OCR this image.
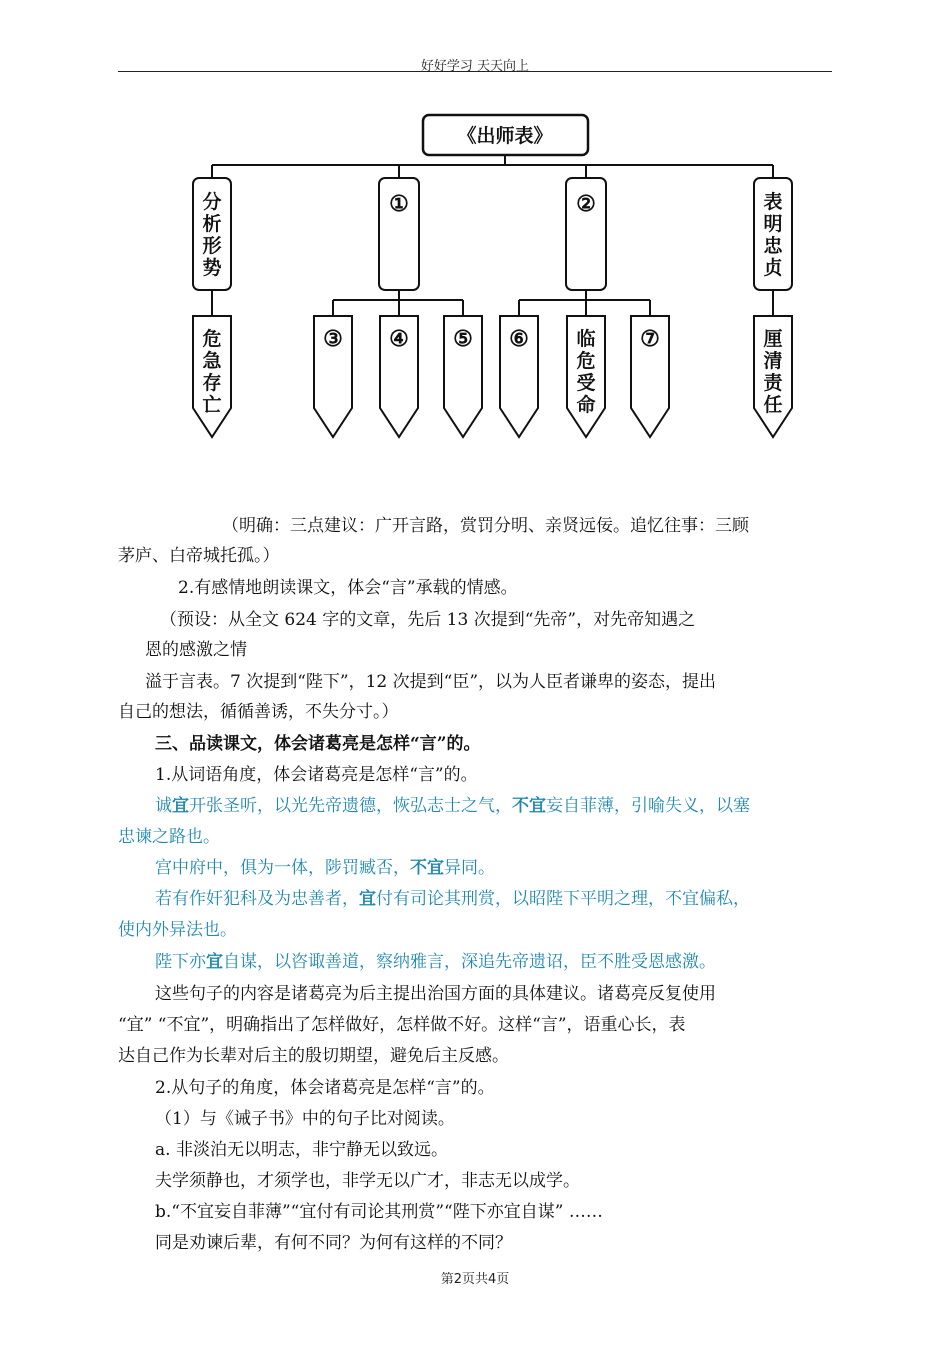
好好学习 天天向上
《出师表》
分
析
形
势
①	②	表
明
忠
贞
危
急
存
亡
③ ④ ⑤ ⑥	临
危
受
命
⑦	厘
清
责
任
（明确：三点建议：广开言路，赏罚分明、亲贤远佞。追忆往事：三顾
茅庐、白帝城托孤。）
2.有感情地朗读课文，体会“言”承载的情感。
（预设：从全文 624 字的文章，先后 13 次提到“先帝”，对先帝知遇之
恩的感激之情
溢于言表。7 次提到“陛下”，12 次提到“臣”，以为人臣者谦卑的姿态，提出
自己的想法，循循善诱，不失分寸。）
三、品读课文，体会诸葛亮是怎样“言”的。
1.从词语角度，体会诸葛亮是怎样“言”的。
诚宜开张圣听，以光先帝遗德，恢弘志士之气，不宜妄自菲薄，引喻失义，以塞
忠谏之路也。
宫中府中，俱为一体，陟罚臧否，不宜异同。
若有作奸犯科及为忠善者，宜付有司论其刑赏，以昭陛下平明之理，不宜偏私，
使内外异法也。
陛下亦宜自谋，以咨诹善道，察纳雅言，深追先帝遗诏，臣不胜受恩感激。
这些句子的内容是诸葛亮为后主提出治国方面的具体建议。诸葛亮反复使用
“宜” “不宜”，明确指出了怎样做好，怎样做不好。这样“言”，语重心长，表
达自己作为长辈对后主的殷切期望，避免后主反感。
2.从句子的角度，体会诸葛亮是怎样“言”的。
（1）与《诫子书》中的句子比对阅读。
a. 非淡泊无以明志，非宁静无以致远。
夫学须静也，才须学也，非学无以广才，非志无以成学。
b.“不宜妄自菲薄”“宜付有司论其刑赏”“陛下亦宜自谋” ……
同是劝谏后辈，有何不同？为何有这样的不同？
第2页共4页
